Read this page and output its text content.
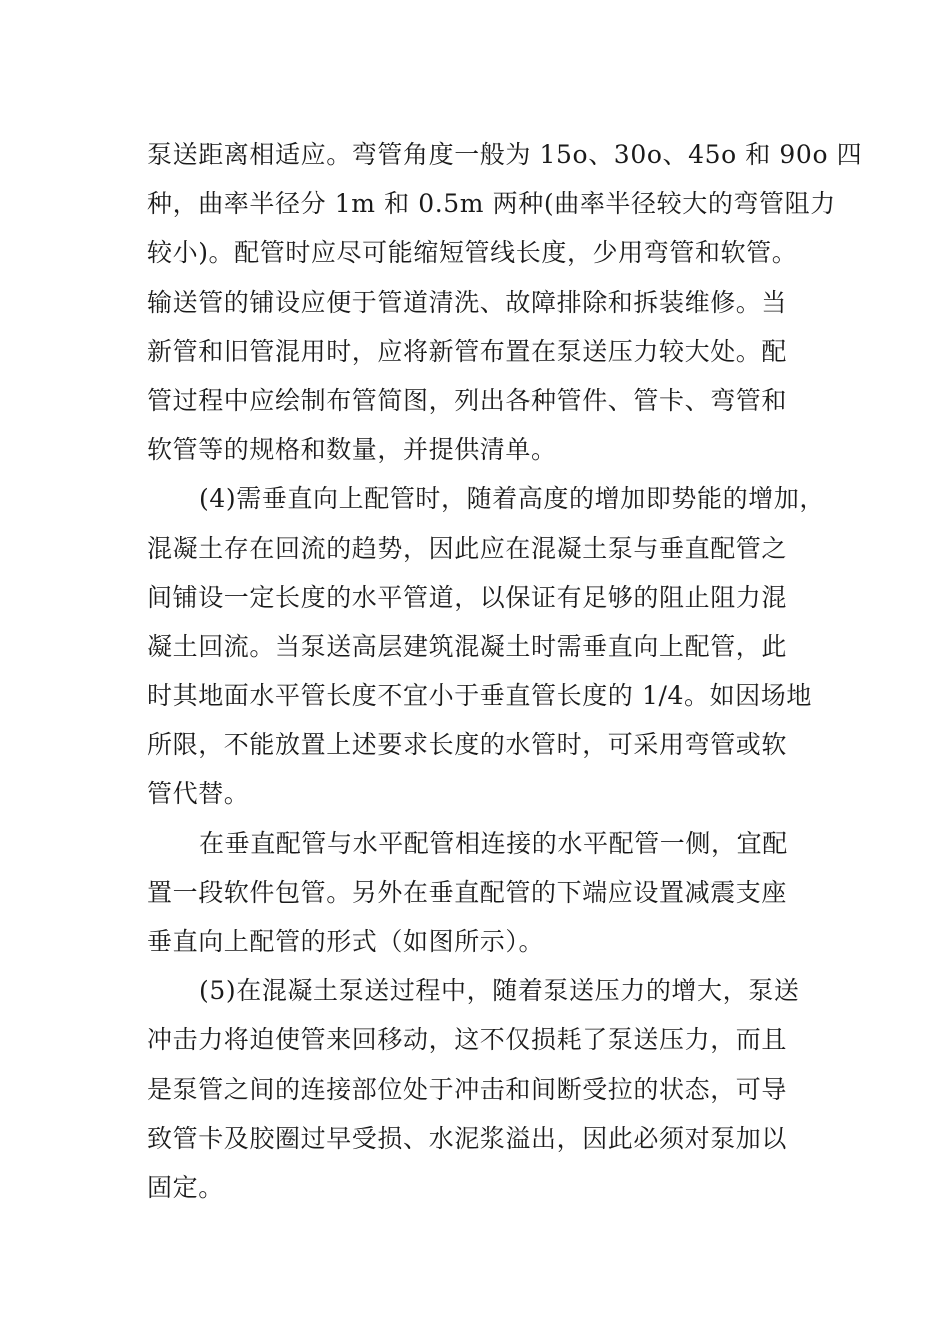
泵送距离相适应。弯管角度一般为 15o、30o、45o 和 90o 四
种，曲率半径分 1m 和 0.5m 两种(曲率半径较大的弯管阻力
较小)。配管时应尽可能缩短管线长度，少用弯管和软管。
输送管的铺设应便于管道清洗、故障排除和拆装维修。当
新管和旧管混用时，应将新管布置在泵送压力较大处。配
管过程中应绘制布管简图，列出各种管件、管卡、弯管和
软管等的规格和数量，并提供清单。
(4)需垂直向上配管时，随着高度的增加即势能的增加，
混凝土存在回流的趋势，因此应在混凝土泵与垂直配管之
间铺设一定长度的水平管道，以保证有足够的阻止阻力混
凝土回流。当泵送高层建筑混凝土时需垂直向上配管，此
时其地面水平管长度不宜小于垂直管长度的 1/4。如因场地
所限，不能放置上述要求长度的水管时，可采用弯管或软
管代替。
在垂直配管与水平配管相连接的水平配管一侧，宜配
置一段软件包管。另外在垂直配管的下端应设置减震支座
垂直向上配管的形式（如图所示）。
(5)在混凝土泵送过程中，随着泵送压力的增大，泵送
冲击力将迫使管来回移动，这不仅损耗了泵送压力，而且
是泵管之间的连接部位处于冲击和间断受拉的状态，可导
致管卡及胶圈过早受损、水泥浆溢出，因此必须对泵加以
固定。
